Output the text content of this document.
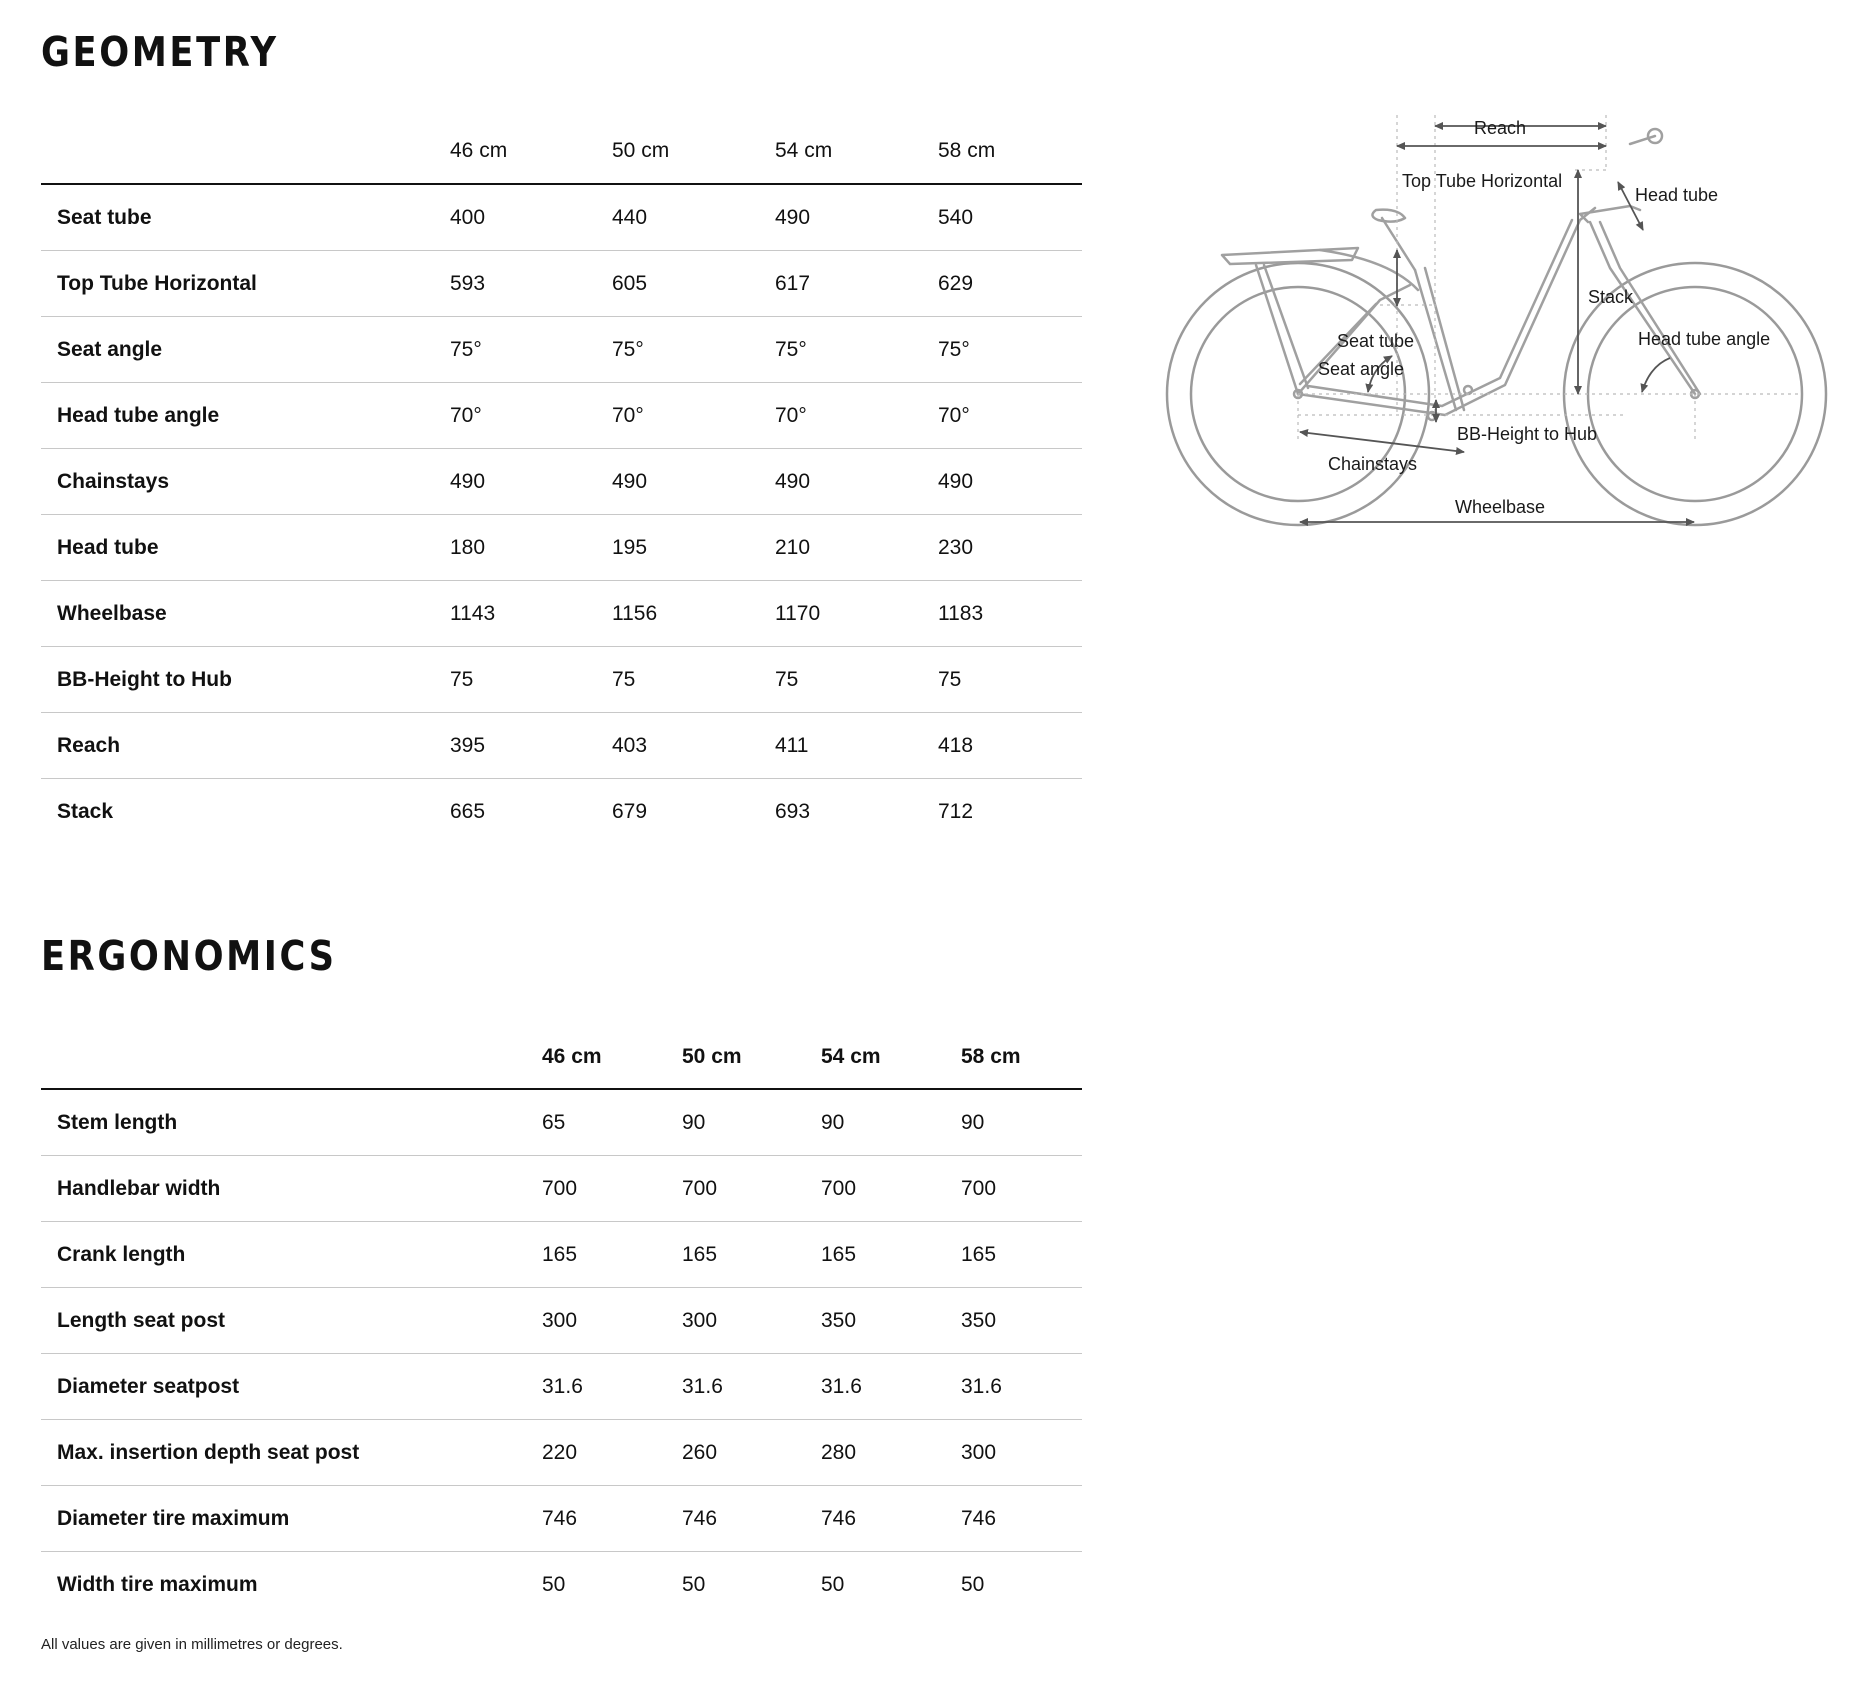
GEOMETRY
	46 cm	50 cm	54 cm	58 cm
Seat tube	400	440	490	540
Top Tube Horizontal	593	605	617	629
Seat angle	75°	75°	75°	75°
Head tube angle	70°	70°	70°	70°
Chainstays	490	490	490	490
Head tube	180	195	210	230
Wheelbase	1143	1156	1170	1183
BB-Height to Hub	75	75	75	75
Reach	395	403	411	418
Stack	665	679	693	712
ERGONOMICS
	46 cm	50 cm	54 cm	58 cm
Stem length	65	90	90	90
Handlebar width	700	700	700	700
Crank length	165	165	165	165
Length seat post	300	300	350	350
Diameter seatpost	31.6	31.6	31.6	31.6
Max. insertion depth seat post	220	260	280	300
Diameter tire maximum	746	746	746	746
Width tire maximum	50	50	50	50

All values are given in millimetres or degrees.

Reach
Top Tube Horizontal
Head tube
Stack
Seat tube
Seat angle
Head tube angle
BB-Height to Hub
Chainstays
Wheelbase
